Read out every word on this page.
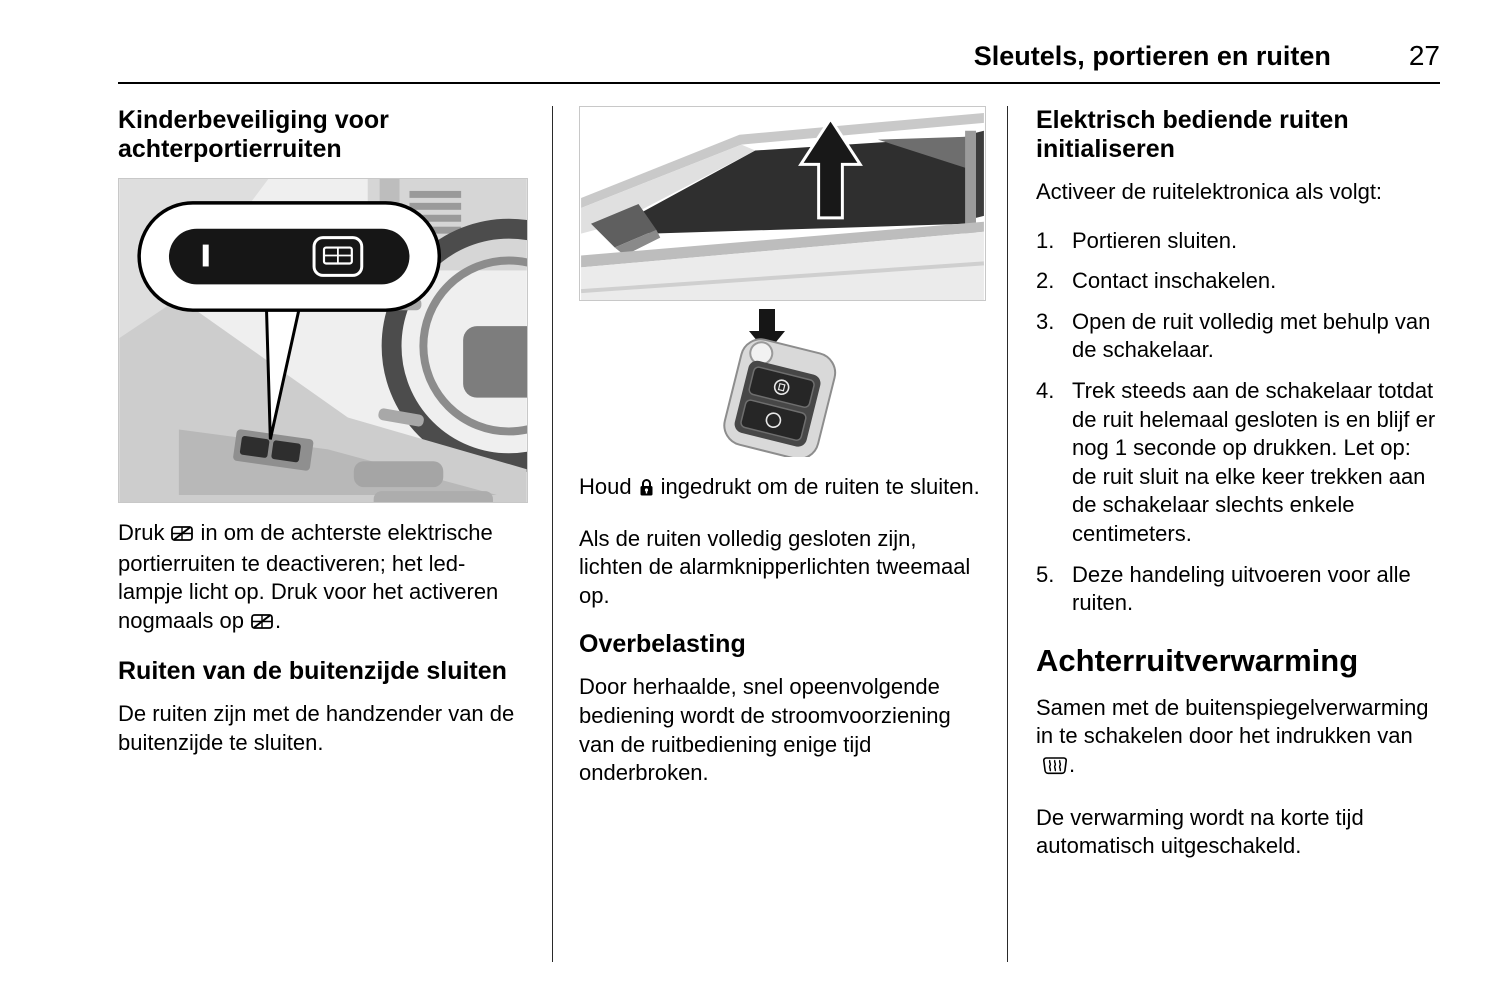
Sleutels, portieren en ruiten	27
Kinderbeveiliging voor achterportierruiten

Druk in om de achterste elektrische portierruiten te deactiveren; het led-lampje licht op. Druk voor het activeren nogmaals op .

Ruiten van de buitenzijde sluiten

De ruiten zijn met de handzender van de buitenzijde te sluiten.

Houd ingedrukt om de ruiten te sluiten.

Als de ruiten volledig gesloten zijn, lichten de alarmknipperlichten tweemaal op.

Overbelasting

Door herhaalde, snel opeenvolgende bediening wordt de stroomvoorziening van de ruitbediening enige tijd onderbroken.

Elektrisch bediende ruiten initialiseren

Activeer de ruitelektronica als volgt:

1. Portieren sluiten.
2. Contact inschakelen.
3. Open de ruit volledig met behulp van de schakelaar.
4. Trek steeds aan de schakelaar totdat de ruit helemaal gesloten is en blijf er nog 1 seconde op drukken. Let op: de ruit sluit na elke keer trekken aan de schakelaar slechts enkele centimeters.
5. Deze handeling uitvoeren voor alle ruiten.
Achterruitverwarming

Samen met de buitenspiegelverwarming in te schakelen door het indrukken van.

De verwarming wordt na korte tijd automatisch uitgeschakeld.
